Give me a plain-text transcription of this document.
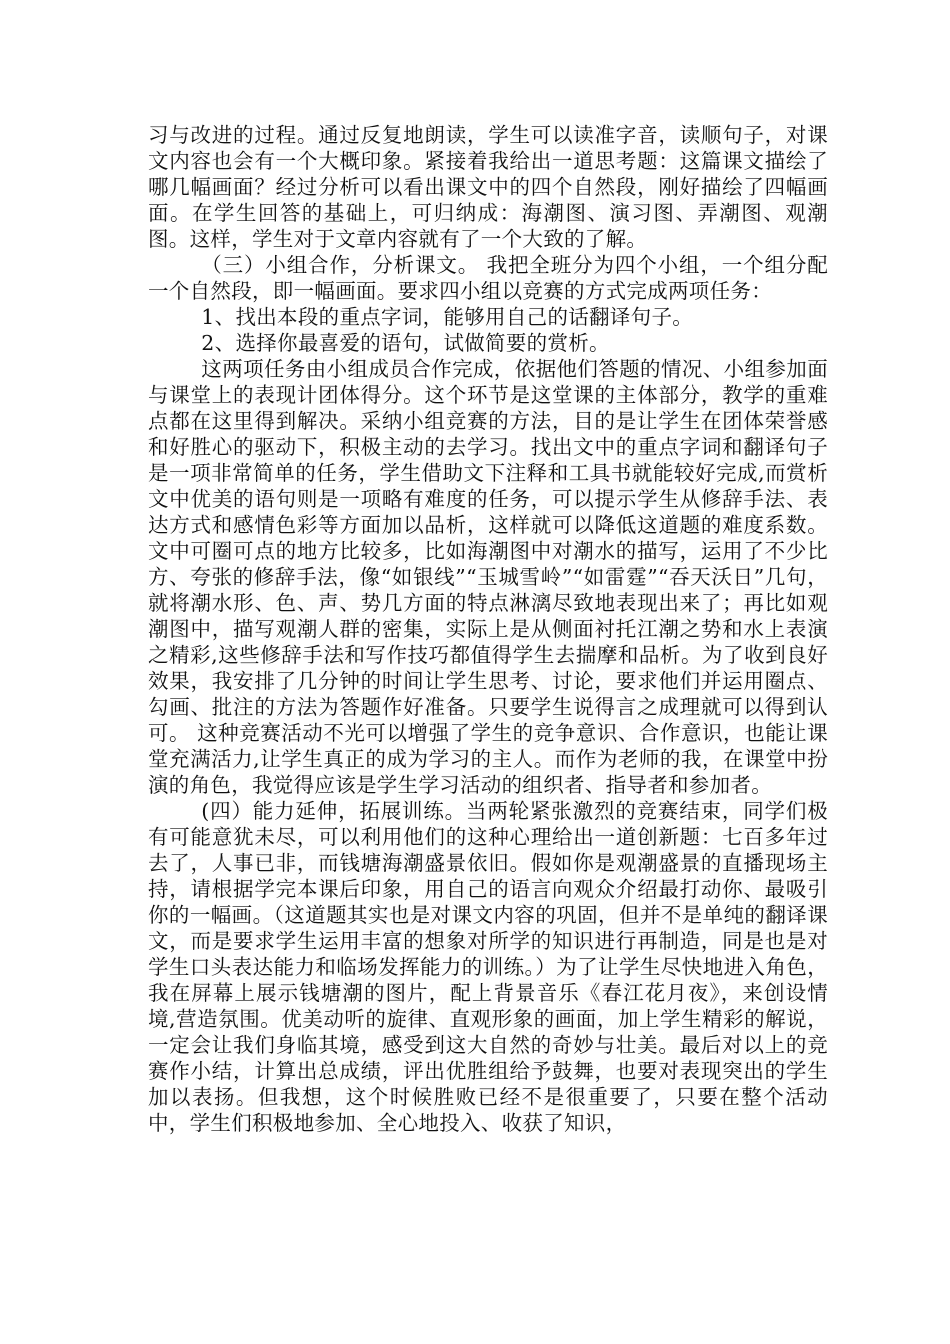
习与改进的过程。通过反复地朗读，学生可以读准字音，读顺句子，对课文内容也会有一个大概印象。紧接着我给出一道思考题：这篇课文描绘了哪几幅画面？经过分析可以看出课文中的四个自然段，刚好描绘了四幅画面。在学生回答的基础上，可归纳成：海潮图、演习图、弄潮图、观潮图。这样，学生对于文章内容就有了一个大致的了解。

（三）小组合作，分析课文。 我把全班分为四个小组，一个组分配一个自然段，即一幅画面。要求四小组以竞赛的方式完成两项任务：

1、找出本段的重点字词，能够用自己的话翻译句子。

2、选择你最喜爱的语句，试做简要的赏析。

这两项任务由小组成员合作完成，依据他们答题的情况、小组参加面与课堂上的表现计团体得分。这个环节是这堂课的主体部分，教学的重难点都在这里得到解决。采纳小组竞赛的方法，目的是让学生在团体荣誉感和好胜心的驱动下，积极主动的去学习。找出文中的重点字词和翻译句子是一项非常简单的任务，学生借助文下注释和工具书就能较好完成,而赏析文中优美的语句则是一项略有难度的任务，可以提示学生从修辞手法、表达方式和感情色彩等方面加以品析，这样就可以降低这道题的难度系数。文中可圈可点的地方比较多，比如海潮图中对潮水的描写，运用了不少比方、夸张的修辞手法，像“如银线”“玉城雪岭”“如雷霆”“吞天沃日”几句，就将潮水形、色、声、势几方面的特点淋漓尽致地表现出来了；再比如观潮图中，描写观潮人群的密集，实际上是从侧面衬托江潮之势和水上表演之精彩,这些修辞手法和写作技巧都值得学生去揣摩和品析。为了收到良好效果，我安排了几分钟的时间让学生思考、讨论，要求他们并运用圈点、勾画、批注的方法为答题作好准备。只要学生说得言之成理就可以得到认可。 这种竞赛活动不光可以增强了学生的竞争意识、合作意识，也能让课堂充满活力,让学生真正的成为学习的主人。而作为老师的我，在课堂中扮演的角色，我觉得应该是学生学习活动的组织者、指导者和参加者。

(四）能力延伸，拓展训练。当两轮紧张激烈的竞赛结束，同学们极有可能意犹未尽，可以利用他们的这种心理给出一道创新题：七百多年过去了，人事已非，而钱塘海潮盛景依旧。假如你是观潮盛景的直播现场主持，请根据学完本课后印象，用自己的语言向观众介绍最打动你、最吸引你的一幅画。（这道题其实也是对课文内容的巩固，但并不是单纯的翻译课文，而是要求学生运用丰富的想象对所学的知识进行再制造，同是也是对学生口头表达能力和临场发挥能力的训练。）为了让学生尽快地进入角色，我在屏幕上展示钱塘潮的图片，配上背景音乐《春江花月夜》，来创设情境,营造氛围。优美动听的旋律、直观形象的画面，加上学生精彩的解说，一定会让我们身临其境，感受到这大自然的奇妙与壮美。最后对以上的竞赛作小结，计算出总成绩，评出优胜组给予鼓舞，也要对表现突出的学生加以表扬。但我想，这个时候胜败已经不是很重要了，只要在整个活动中，学生们积极地参加、全心地投入、收获了知识，
